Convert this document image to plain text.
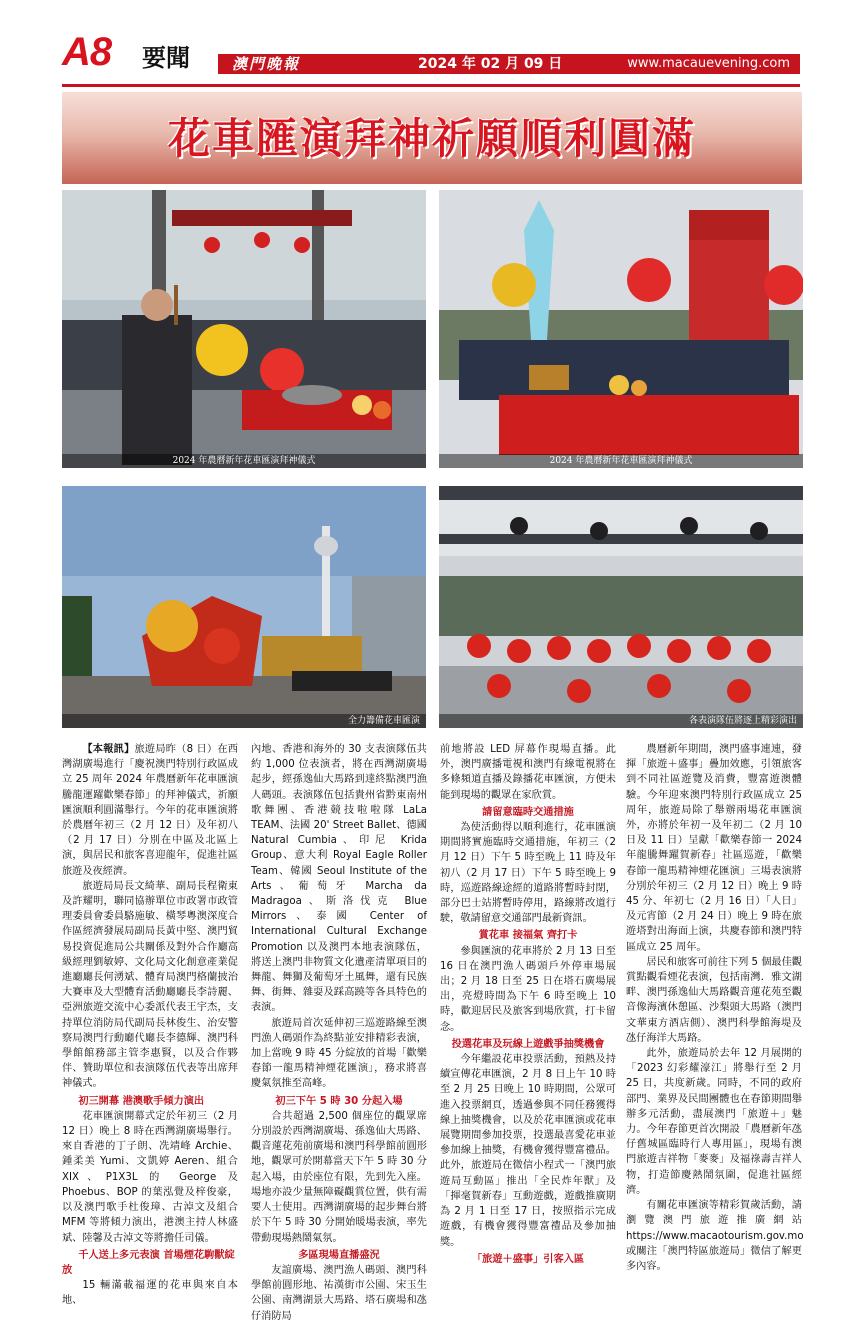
A8 要聞	澳門晚報	2024 年 02 月 09 日	www.macauevening.com
花車匯演拜神祈願順利圓滿
2024 年農曆新年花車匯演拜神儀式	2024 年農曆新年花車匯演拜神儀式
全力籌備花車匯演	各表演隊伍將逐上精彩演出

【本報訊】旅遊局昨（8 日）在西灣湖廣場進行「慶祝澳門特別行政區成立 25 周年 2024 年農曆新年花車匯演 騰龍運躍歡樂春節」的拜神儀式，祈願匯演順利圓滿舉行。今年的花車匯演將於農曆年初三（2 月 12 日）及年初八（2 月 17 日）分別在中區及北區上演，與居民和旅客喜迎龍年，促進社區旅遊及夜經濟。

旅遊局局長文綺華、副局長程衛東及許耀明，聯同協辦單位市政署市政管理委員會委員駱施敏、橫琴粵澳深度合作區經濟發展局副局長黃中堅、澳門貿易投資促進局公共關係及對外合作廳高級經理劉敏婷、文化局文化創意產業促進廳廳長何湧斌、體育局澳門格蘭披治大賽車及大型體育活動廳廳長李詩麗、亞洲旅遊交流中心委派代表王宇杰，支持單位消防局代副局長林俊生、治安警察局澳門行動廳代廳長李德輝、澳門科學館館務部主管李惠賢，以及合作夥伴、贊助單位和表演隊伍代表等出席拜神儀式。

初三開幕 港澳歌手傾力演出

花車匯演開幕式定於年初三（2 月 12 日）晚上 8 時在西灣湖廣場舉行。來自香港的丁子朗、冼靖峰 Archie、鍾柔美 Yumi、文凱婷 Aeren、組合 XIX、P1X3L 的 George 及 Phoebus、BOP 的葉泓覺及梓俊豪，以及澳門歌手杜俊璋、古淖文及組合 MFM 等將傾力演出，港澳主持人林盛斌、陸馨及古淖文等將擔任司儀。

千人送上多元表演 首場煙花駒獸綻放

15 輛滿載福運的花車與來自本地、

內地、香港和海外的 30 支表演隊伍共約 1,000 位表演者，將在西灣湖廣場起步，經孫逸仙大馬路到達終點澳門漁人碼頭。表演隊伍包括貴州省黔東南州歌舞團、香港競技啦啦隊 LaLa TEAM、法國 20' Street Ballet、德國 Natural Cumbia、印尼 Krida Group、意大利 Royal Eagle Roller Team、韓國 Seoul Institute of the Arts、葡萄牙 Marcha da Madragoa、斯洛伐克 Blue Mirrors、泰國 Center of International Cultural Exchange Promotion 以及澳門本地表演隊伍，將送上澳門非物質文化遺產清單項目的舞龍、舞獅及葡萄牙土風舞，還有民族舞、街舞、雜耍及踩高蹺等各具特色的表演。

旅遊局首次延伸初三巡遊路線至澳門漁人碼頭作為終點並安排精彩表演，加上當晚 9 時 45 分綻放的首場「歡樂春節一龍馬精神煙花匯演」，務求將喜慶氣氛推至高峰。

初三下午 5 時 30 分起入場

合共超過 2,500 個座位的觀眾席分別設於西灣湖廣場、孫逸仙大馬路、觀音蓮花苑前廣場和澳門科學館前圓形地，觀眾可於開幕當天下午 5 時 30 分起入場，由於座位有限，先到先入座。場地亦設少量無障礙觀賞位置，供有需要人士使用。西灣湖廣場的起步舞台將於下午 5 時 30 分開始暖場表演，率先帶動現場熱鬧氣氛。

多區現場直播盛況

友誼廣場、澳門漁人碼頭、澳門科學館前圓形地、祐漢街市公園、宋玉生公園、南灣湖景大馬路、塔石廣場和氹仔消防局

前地將設 LED 屏幕作現場直播。此外，澳門廣播電視和澳門有線電視將在多條頻道直播及錄播花車匯演，方便未能到現場的觀眾在家欣賞。

請留意臨時交通措施

為使活動得以順利進行，花車匯演期間將實施臨時交通措施，年初三（2 月 12 日）下午 5 時至晚上 11 時及年初八（2 月 17 日）下午 5 時至晚上 9 時，巡遊路線途經的道路將暫時封閉，部分巴士站將暫時停用，路線將改道行駛，敬請留意交通部門最新資訊。

賞花車 接福氣 齊打卡

參與匯演的花車將於 2 月 13 日至 16 日在澳門漁人碼頭戶外停車場展出；2 月 18 日至 25 日在塔石廣場展出，亮燈時間為下午 6 時至晚上 10 時，歡迎居民及旅客到場欣賞，打卡留念。

投選花車及玩線上遊戲爭抽獎機會

今年繼設花車投票活動，預熱及持續宣傳花車匯演，2 月 8 日上午 10 時至 2 月 25 日晚上 10 時期間，公眾可進入投票網頁，透過參與不同任務獲得線上抽獎機會，以及於花車匯演或花車展覽期間參加投票，投選最喜愛花車並參加線上抽獎，有機會獲得豐富禮品。此外，旅遊局在微信小程式一「澳門旅遊局互動區」推出「全民炸年獸」及「揮毫賀新春」互動遊戲，遊戲推廣期為 2 月 1 日至 17 日，按照指示完成遊戲，有機會獲得豐富禮品及參加抽獎。

「旅遊＋盛事」引客入區

農曆新年期間，澳門盛事連連，發揮「旅遊＋盛事」疊加效應，引領旅客到不同社區遊覽及消費，豐富遊澳體驗。今年迎來澳門特別行政區成立 25 周年，旅遊局除了舉辦兩場花車匯演外，亦將於年初一及年初二（2 月 10 日及 11 日）呈獻「歡樂春節一 2024 年龍騰舞躍賀新春」社區巡遊，「歡樂春節一龍馬精神煙花匯演」三場表演將分別於年初三（2 月 12 日）晚上 9 時 45 分、年初七（2 月 16 日）「人日」及元宵節（2 月 24 日）晚上 9 時在旅遊塔對出海面上演，共慶春節和澳門特區成立 25 周年。

居民和旅客可前往下列 5 個最佳觀賞點觀看煙花表演，包括南灣．雅文湖畔、澳門孫逸仙大馬路觀音蓮花苑至觀音像海濱休憩區、沙梨頭大馬路（澳門文華東方酒店側）、澳門科學館海堤及氹仔海洋大馬路。

此外，旅遊局於去年 12 月展開的「2023 幻彩耀濠江」將舉行至 2 月 25 日，共度新歲。同時，不同的政府部門、業界及民間團體也在春節期間舉辦多元活動，盡展澳門「旅遊＋」魅力。今年春節更首次開設「農曆新年氹仔舊城區臨時行人專用區」，現場有澳門旅遊吉祥物「麥麥」及福祿壽吉祥人物，打造節慶熱鬧氛圍，促進社區經濟。

有關花車匯演等精彩賀歲活動，請瀏覽澳門旅遊推廣網站 https://www.macaotourism.gov.mo 或關注「澳門特區旅遊局」微信了解更多內容。
